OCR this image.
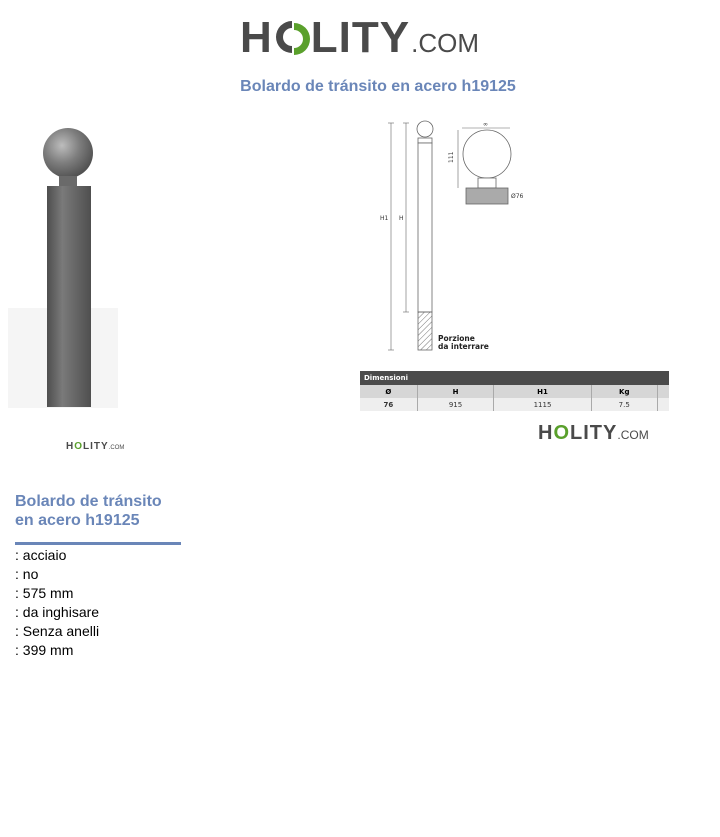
H LITY .COM
Bolardo de tránsito en acero h19125
H O LITY .COM
H1 H
Porzione
da interrare
∞
111
Ø76
Dimensioni				
Ø	H	H1	Kg	
76	915	1115	7.5	
H O LITY .COM
Bolardo de tránsito
en acero h19125
: acciaio
: no
: 575 mm
: da inghisare
: Senza anelli
: 399 mm
